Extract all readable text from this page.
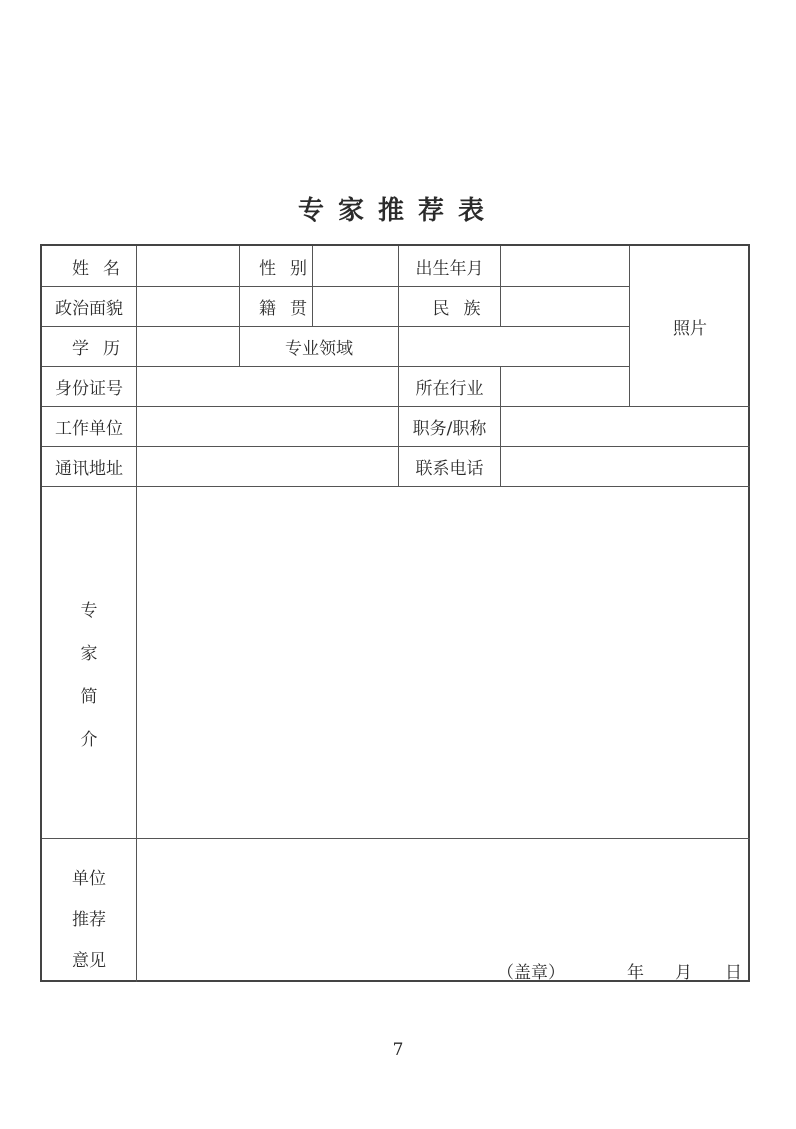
专家推荐表
姓名	性别	出生年月
照片
政治面貌	籍贯	民族
学历	专业领域
身份证号	所在行业
工作单位	职务/职称
通讯地址	联系电话
专
家
简
介
单位
推荐
意见
（盖章）	年 月 日
7
